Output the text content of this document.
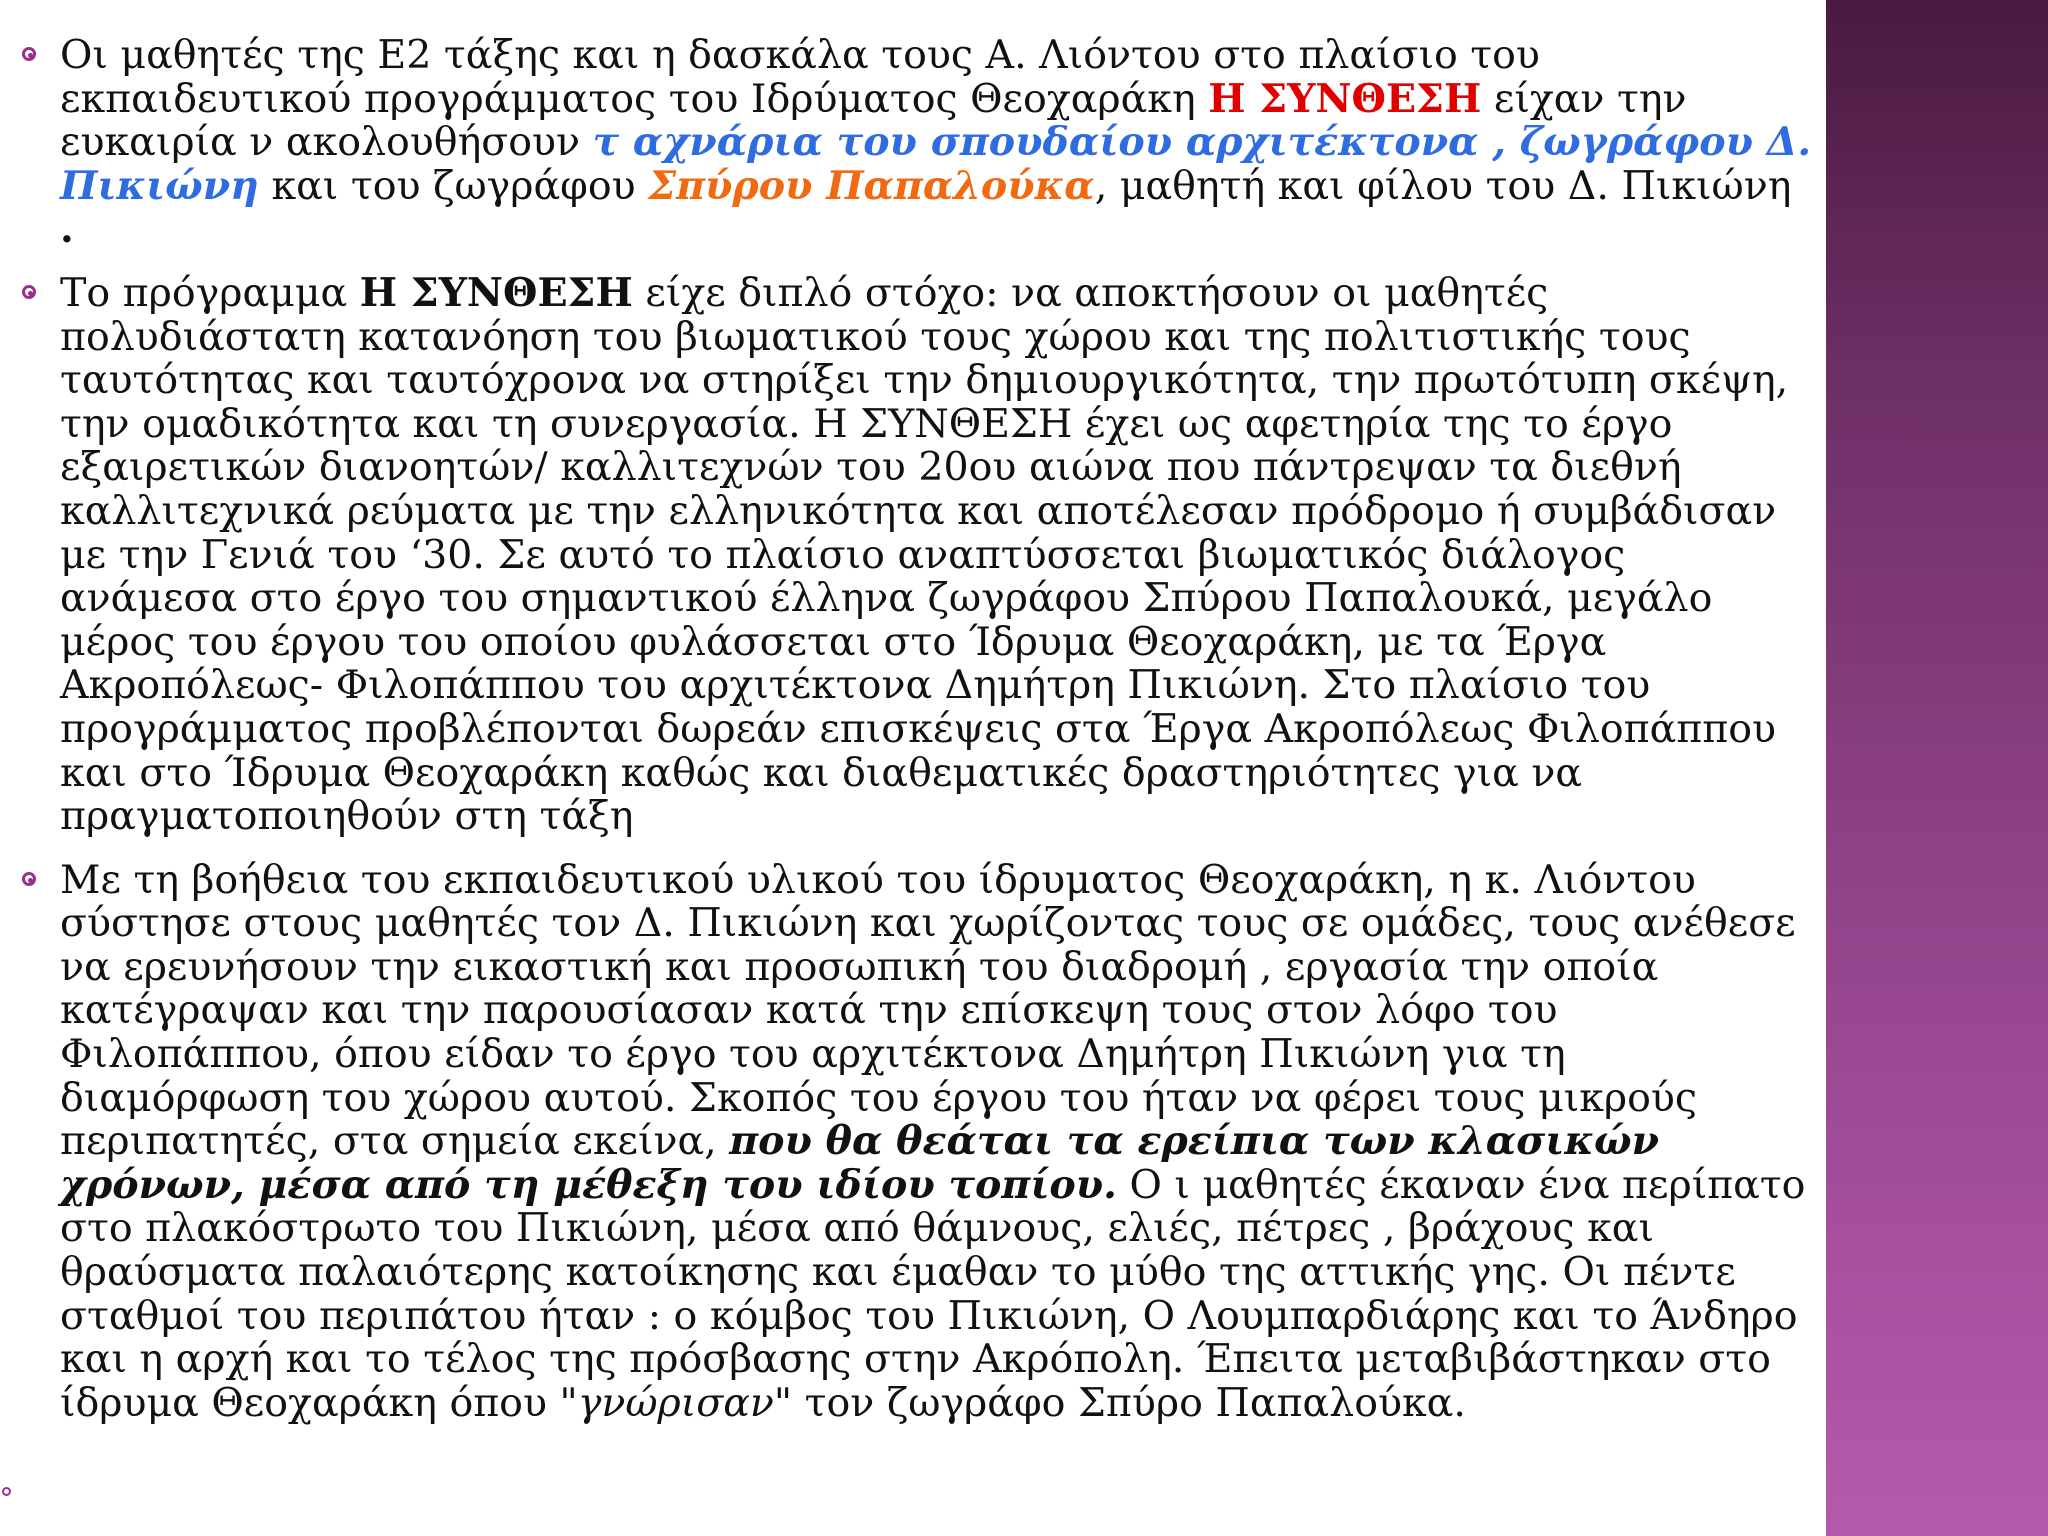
Οι μαθητές της Ε2 τάξης και η δασκάλα τους Α. Λιόντου στο πλαίσιο του εκπαιδευτικού προγράμματος του Ιδρύματος Θεοχαράκη Η ΣΥΝΘΕΣΗ είχαν την ευκαιρία ν ακολουθήσουν τ αχνάρια του σπουδαίου αρχιτέκτονα , ζωγράφου Δ. Πικιώνη και του ζωγράφου Σπύρου Παπαλούκα, μαθητή και φίλου του Δ. Πικιώνη .

Το πρόγραμμα Η ΣΥΝΘΕΣΗ είχε διπλό στόχο: να αποκτήσουν οι μαθητές πολυδιάστατη κατανόηση του βιωματικού τους χώρου και της πολιτιστικής τους ταυτότητας και ταυτόχρονα να στηρίξει την δημιουργικότητα, την πρωτότυπη σκέψη, την ομαδικότητα και τη συνεργασία. Η ΣΥΝΘΕΣΗ έχει ως αφετηρία της το έργο εξαιρετικών διανοητών/ καλλιτεχνών του 20ου αιώνα που πάντρεψαν τα διεθνή καλλιτεχνικά ρεύματα με την ελληνικότητα και αποτέλεσαν πρόδρομο ή συμβάδισαν με την Γενιά του ‘30. Σε αυτό το πλαίσιο αναπτύσσεται βιωματικός διάλογος ανάμεσα στο έργο του σημαντικού έλληνα ζωγράφου Σπύρου Παπαλουκά, μεγάλο μέρος του έργου του οποίου φυλάσσεται στο Ίδρυμα Θεοχαράκη, με τα Έργα Ακροπόλεως- Φιλοπάππου του αρχιτέκτονα Δημήτρη Πικιώνη. Στο πλαίσιο του προγράμματος προβλέπονται δωρεάν επισκέψεις στα Έργα Ακροπόλεως Φιλοπάππου και στο Ίδρυμα Θεοχαράκη καθώς και διαθεματικές δραστηριότητες για να πραγματοποιηθούν στη τάξη

Με τη βοήθεια του εκπαιδευτικού υλικού του ίδρυματος Θεοχαράκη, η κ. Λιόντου σύστησε στους μαθητές τον Δ. Πικιώνη και χωρίζοντας τους σε ομάδες, τους ανέθεσε να ερευνήσουν την εικαστική και προσωπική του διαδρομή , εργασία την οποία κατέγραψαν και την παρουσίασαν κατά την επίσκεψη τους στον λόφο του Φιλοπάππου, όπου είδαν το έργο του αρχιτέκτονα Δημήτρη Πικιώνη για τη διαμόρφωση του χώρου αυτού. Σκοπός του έργου του ήταν να φέρει τους μικρούς περιπατητές, στα σημεία εκείνα, που θα θεάται τα ερείπια των κλασικών χρόνων, μέσα από τη μέθεξη του ιδίου τοπίου. Ο ι μαθητές έκαναν ένα περίπατο στο πλακόστρωτο του Πικιώνη, μέσα από θάμνους, ελιές, πέτρες , βράχους και θραύσματα παλαιότερης κατοίκησης και έμαθαν το μύθο της αττικής γης. Οι πέντε σταθμοί του περιπάτου ήταν : ο κόμβος του Πικιώνη, Ο Λουμπαρδιάρης και το Άνδηρο και η αρχή και το τέλος της πρόσβασης στην Ακρόπολη. Έπειτα μεταβιβάστηκαν στο ίδρυμα Θεοχαράκη όπου "γνώρισαν" τον ζωγράφο Σπύρο Παπαλούκα.
